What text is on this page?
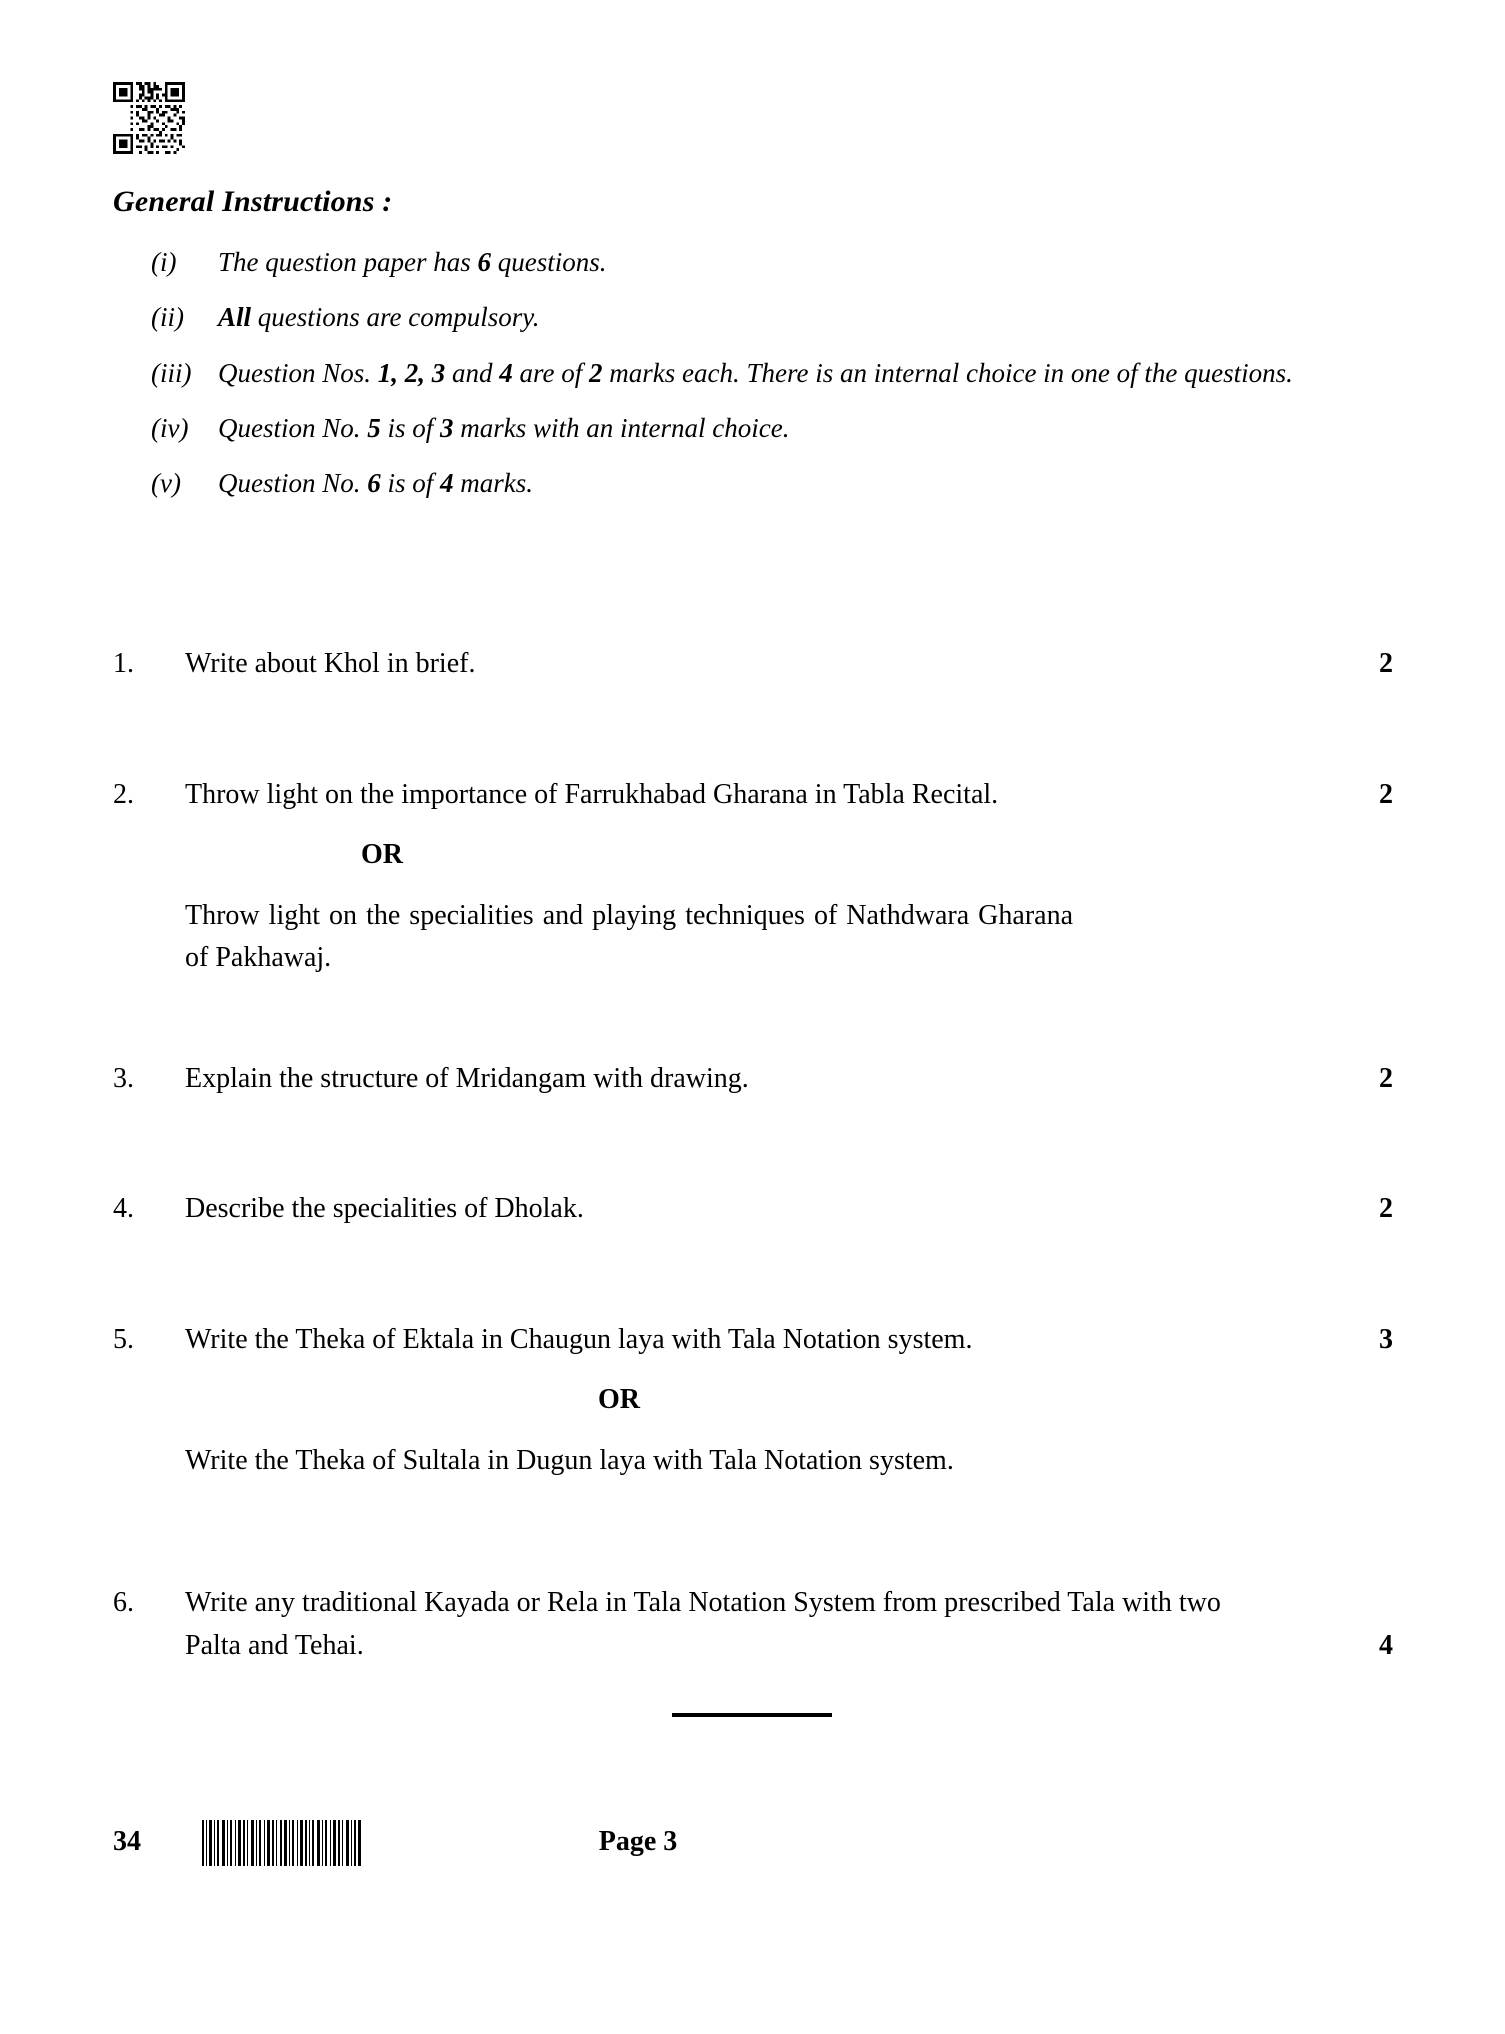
General Instructions :
(i)	The question paper has 6 questions.
(ii)	All questions are compulsory.
(iii) Question Nos. 1, 2, 3 and 4 are of 2 marks each. There is an internal choice in one of the questions.
(iv)	Question No. 5 is of 3 marks with an internal choice.
(v)	Question No. 6 is of 4 marks.
1.	Write about Khol in brief.	2
2.	Throw light on the importance of Farrukhabad Gharana in Tabla Recital.	2
OR
Throw light on the specialities and playing techniques of Nathdwara Gharana of Pakhawaj.
3.	Explain the structure of Mridangam with drawing.	2
4.	Describe the specialities of Dholak.	2
5.	Write the Theka of Ektala in Chaugun laya with Tala Notation system.	3
OR
Write the Theka of Sultala in Dugun laya with Tala Notation system.
6.	Write any traditional Kayada or Rela in Tala Notation System from prescribed Tala with two Palta and Tehai.	4
34	Page 3
